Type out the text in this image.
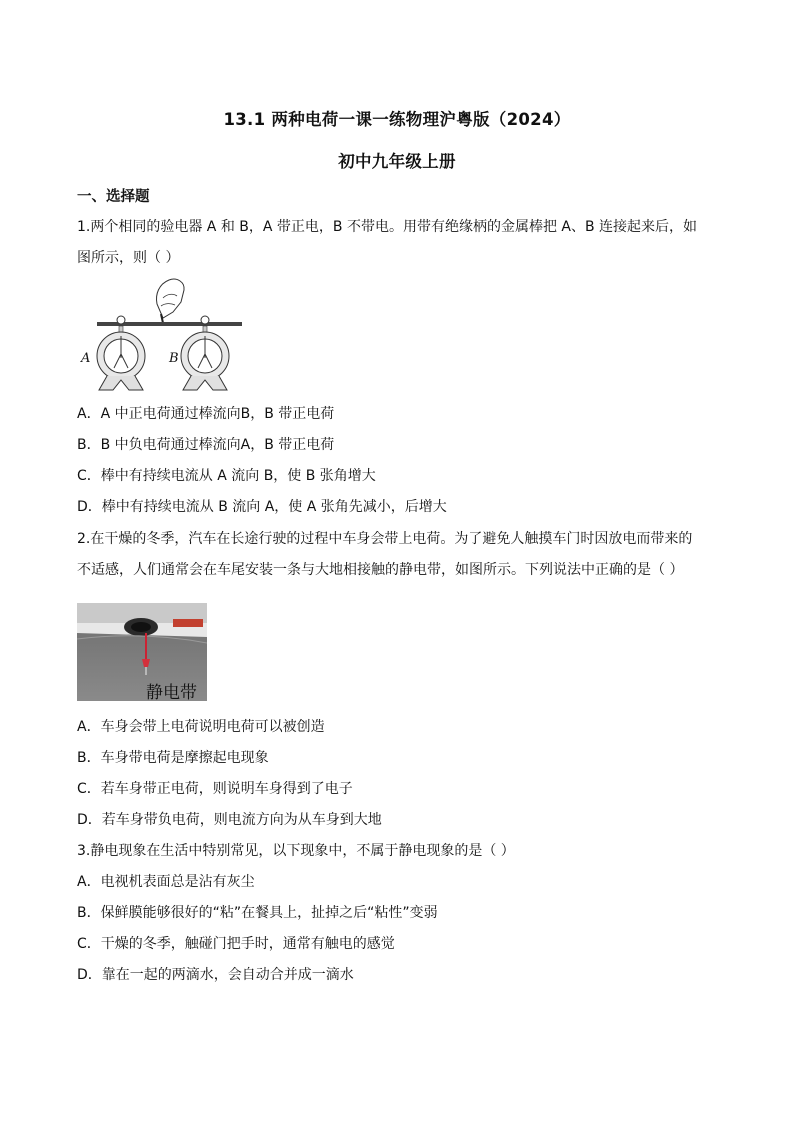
13.1 两种电荷一课一练物理沪粤版（2024）
初中九年级上册
一、选择题
1.两个相同的验电器 A 和 B，A 带正电，B 不带电。用带有绝缘柄的金属棒把 A、B 连接起来后，如
图所示，则（ ）
A	B
A．A 中正电荷通过棒流向B，B 带正电荷
B．B 中负电荷通过棒流向A，B 带正电荷
C．棒中有持续电流从 A 流向 B，使 B 张角增大
D．棒中有持续电流从 B 流向 A，使 A 张角先减小，后增大
2.在干燥的冬季，汽车在长途行驶的过程中车身会带上电荷。为了避免人触摸车门时因放电而带来的
不适感，人们通常会在车尾安装一条与大地相接触的静电带，如图所示。下列说法中正确的是（ ）
静电带
A．车身会带上电荷说明电荷可以被创造
B．车身带电荷是摩擦起电现象
C．若车身带正电荷，则说明车身得到了电子
D．若车身带负电荷，则电流方向为从车身到大地
3.静电现象在生活中特别常见，以下现象中，不属于静电现象的是（ ）
A．电视机表面总是沾有灰尘
B．保鲜膜能够很好的“粘”在餐具上，扯掉之后“粘性”变弱
C．干燥的冬季，触碰门把手时，通常有触电的感觉
D．靠在一起的两滴水，会自动合并成一滴水
